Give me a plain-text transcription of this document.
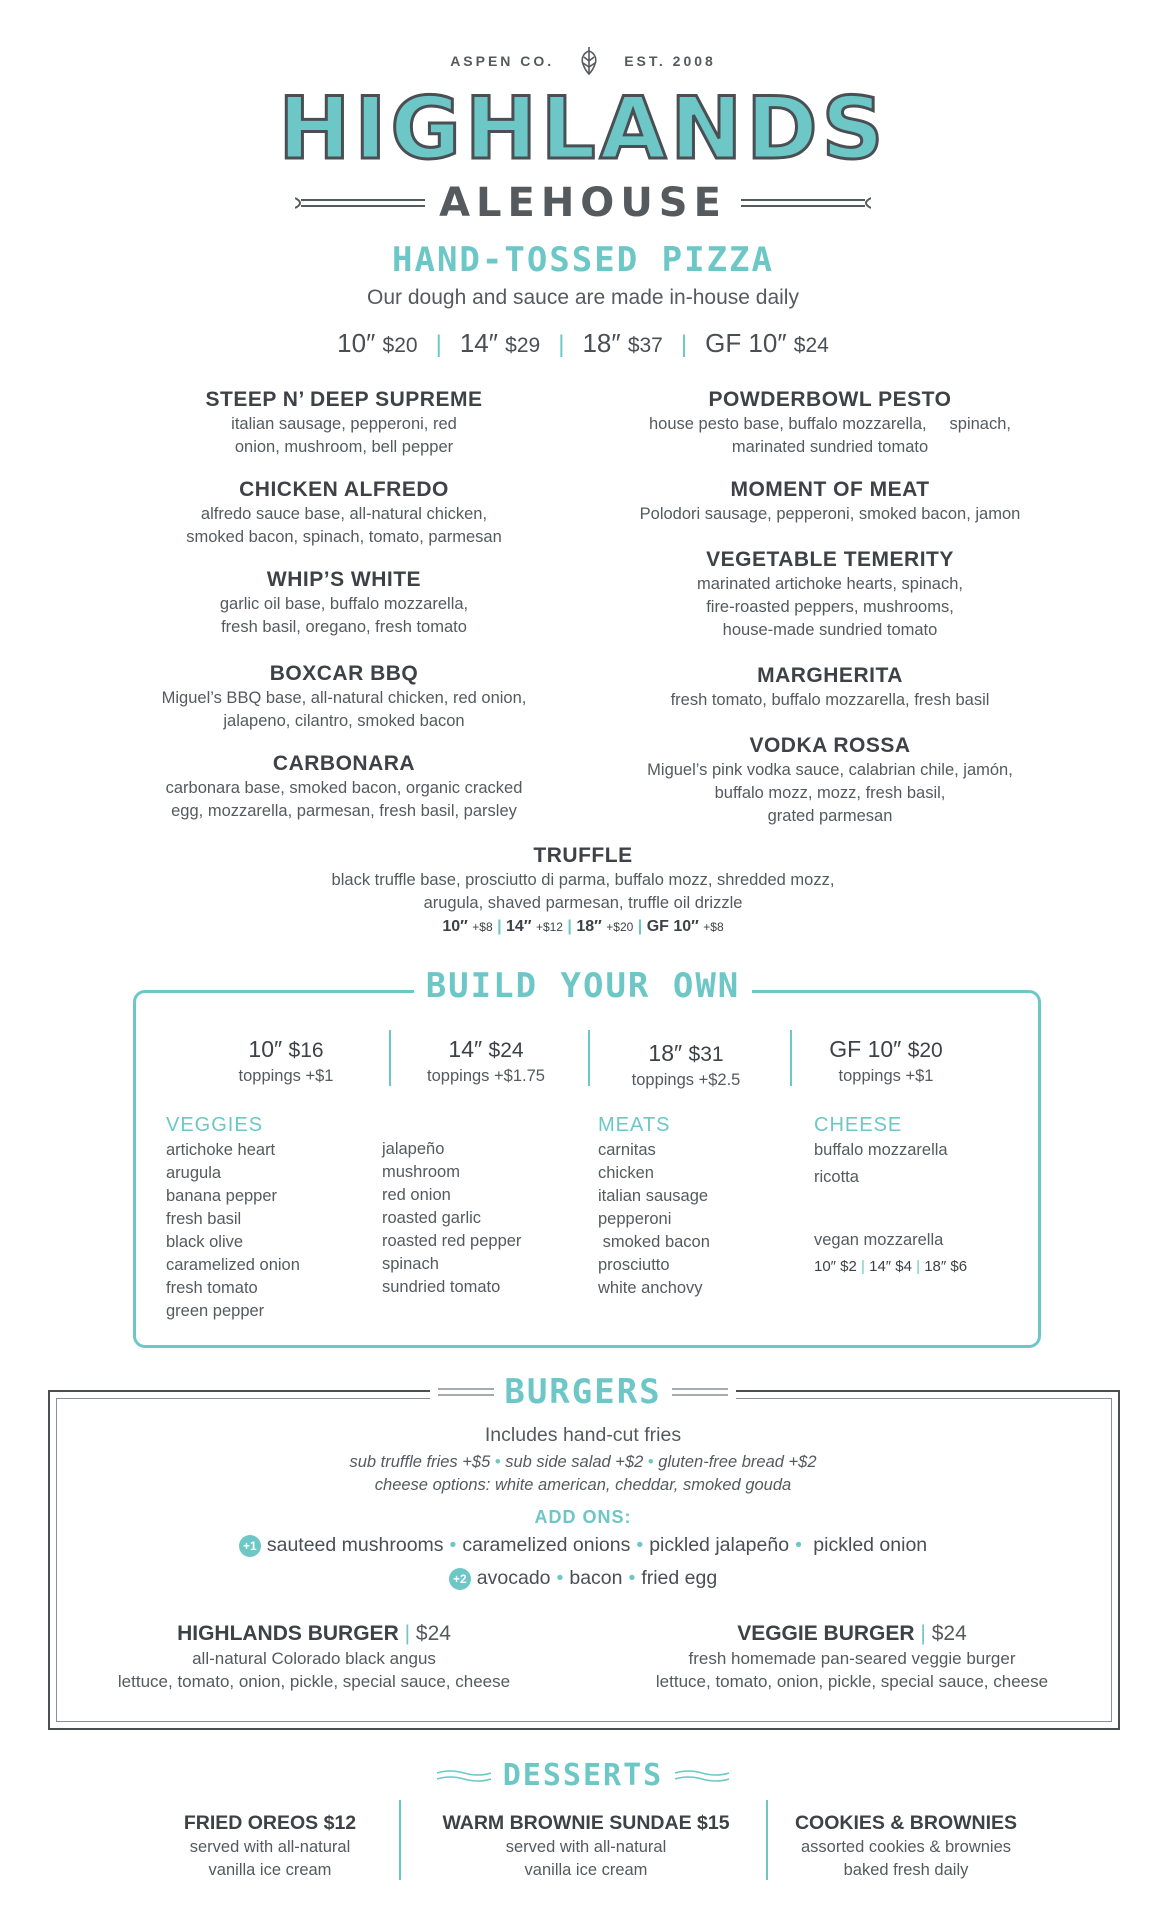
ASPEN CO.	EST. 2008
HIGHLANDS
ALEHOUSE
HAND-TOSSED PIZZA
Our dough and sauce are made in-house daily
10″ $20 | 14″ $29 | 18″ $37 | GF 10″ $24
STEEP N’ DEEP SUPREME
italian sausage, pepperoni, red
onion, mushroom, bell pepper
CHICKEN ALFREDO
alfredo sauce base, all-natural chicken,
smoked bacon, spinach, tomato, parmesan
WHIP’S WHITE
garlic oil base, buffalo mozzarella,
fresh basil, oregano, fresh tomato
BOXCAR BBQ
Miguel’s BBQ base, all-natural chicken, red onion,
jalapeno, cilantro, smoked bacon
CARBONARA
carbonara base, smoked bacon, organic cracked
egg, mozzarella, parmesan, fresh basil, parsley
POWDERBOWL PESTO
house pesto base, buffalo mozzarella,     spinach,
marinated sundried tomato
MOMENT OF MEAT
Polodori sausage, pepperoni, smoked bacon, jamon
VEGETABLE TEMERITY
marinated artichoke hearts, spinach,
fire-roasted peppers, mushrooms,
house-made sundried tomato
MARGHERITA
fresh tomato, buffalo mozzarella, fresh basil
VODKA ROSSA
Miguel’s pink vodka sauce, calabrian chile, jamón,
buffalo mozz, mozz, fresh basil,
grated parmesan
TRUFFLE
black truffle base, prosciutto di parma, buffalo mozz, shredded mozz,
arugula, shaved parmesan, truffle oil drizzle
10″ +$8 | 14″ +$12 | 18″ +$20 | GF 10″ +$8
BUILD YOUR OWN
10″ $16
toppings +$1
14″ $24
toppings +$1.75
18″ $31
toppings +$2.5
GF 10″ $20
toppings +$1
VEGGIES
artichoke heart
arugula
banana pepper
fresh basil
black olive
caramelized onion
fresh tomato
green pepper
jalapeño
mushroom
red onion
roasted garlic
roasted red pepper
spinach
sundried tomato
MEATS
carnitas
chicken
italian sausage
pepperoni
smoked bacon
prosciutto
white anchovy
CHEESE
buffalo mozzarella
ricotta
vegan mozzarella
10″ $2 | 14″ $4 | 18″ $6
BURGERS
Includes hand-cut fries
sub truffle fries +$5 • sub side salad +$2 • gluten-free bread +$2
cheese options: white american, cheddar, smoked gouda
ADD ONS:
+1 sauteed mushrooms • caramelized onions • pickled jalapeño • pickled onion
+2 avocado • bacon • fried egg
HIGHLANDS BURGER | $24
all-natural Colorado black angus
lettuce, tomato, onion, pickle, special sauce, cheese
VEGGIE BURGER | $24
fresh homemade pan-seared veggie burger
lettuce, tomato, onion, pickle, special sauce, cheese
DESSERTS
FRIED OREOS $12
served with all-natural
vanilla ice cream
WARM BROWNIE SUNDAE $15
served with all-natural
vanilla ice cream
COOKIES & BROWNIES
assorted cookies & brownies
baked fresh daily
